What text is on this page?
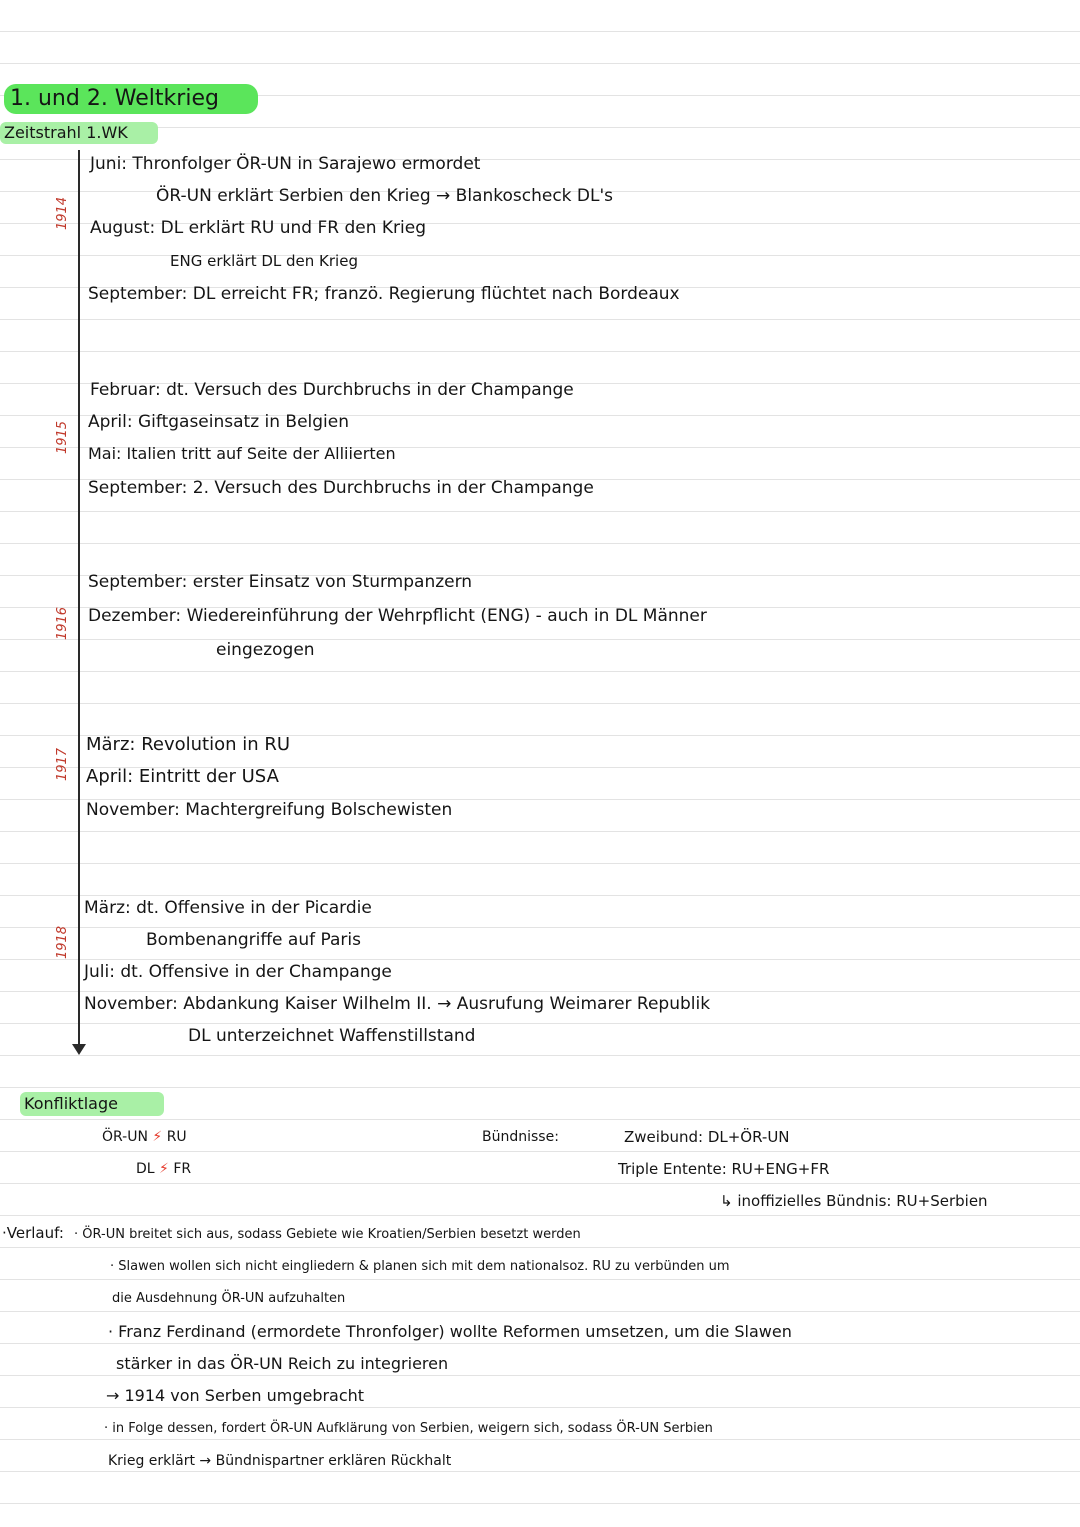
1. und 2. Weltkrieg
Zeitstrahl 1.WK
1914
1915
1916
1917
1918
Juni: Thronfolger ÖR-UN in Sarajewo ermordet
ÖR-UN erklärt Serbien den Krieg → Blankoscheck DL's
August: DL erklärt RU und FR den Krieg
ENG erklärt DL den Krieg
September: DL erreicht FR; franzö. Regierung flüchtet nach Bordeaux
Februar: dt. Versuch des Durchbruchs in der Champange
April: Giftgaseinsatz in Belgien
Mai: Italien tritt auf Seite der Alliierten
September: 2. Versuch des Durchbruchs in der Champange
September: erster Einsatz von Sturmpanzern
Dezember: Wiedereinführung der Wehrpflicht (ENG) - auch in DL Männer
eingezogen
März: Revolution in RU
April: Eintritt der USA
November: Machtergreifung Bolschewisten
März: dt. Offensive in der Picardie
Bombenangriffe auf Paris
Juli: dt. Offensive in der Champange
November: Abdankung Kaiser Wilhelm II. → Ausrufung Weimarer Republik
DL unterzeichnet Waffenstillstand
Konfliktlage
ÖR-UN ⚡ RU
DL ⚡ FR
Bündnisse:	Zweibund: DL+ÖR-UN
Triple Entente: RU+ENG+FR
↳ inoffizielles Bündnis: RU+Serbien
·Verlauf: · ÖR-UN breitet sich aus, sodass Gebiete wie Kroatien/Serbien besetzt werden
· Slawen wollen sich nicht eingliedern & planen sich mit dem nationalsoz. RU zu verbünden um
die Ausdehnung ÖR-UN aufzuhalten
· Franz Ferdinand (ermordete Thronfolger) wollte Reformen umsetzen, um die Slawen
stärker in das ÖR-UN Reich zu integrieren
→ 1914 von Serben umgebracht
· in Folge dessen, fordert ÖR-UN Aufklärung von Serbien, weigern sich, sodass ÖR-UN Serbien
Krieg erklärt → Bündnispartner erklären Rückhalt
